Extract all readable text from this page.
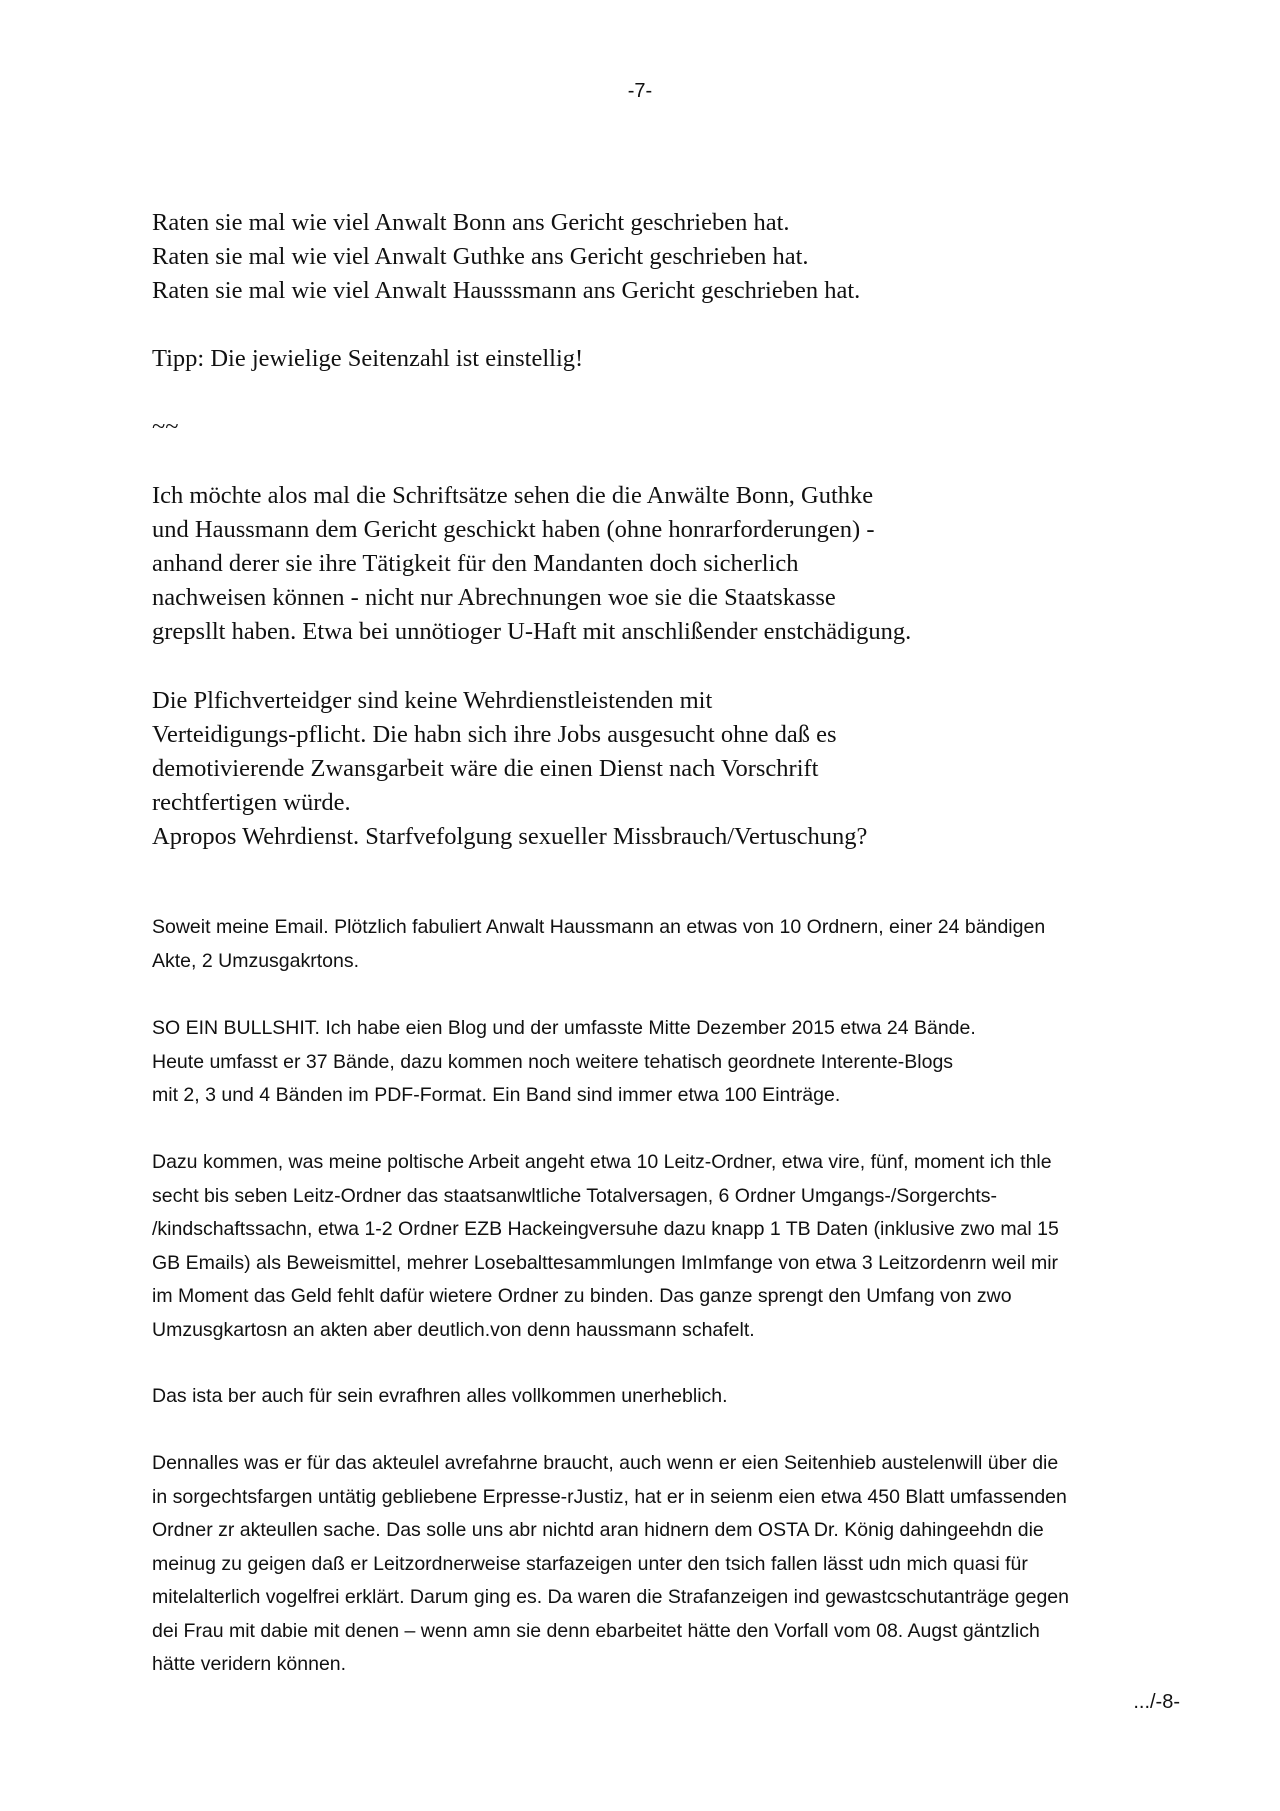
-7-
Raten sie mal wie viel Anwalt Bonn ans Gericht geschrieben hat.
Raten sie mal wie viel Anwalt Guthke ans Gericht geschrieben hat.
Raten sie mal wie viel Anwalt Hausssmann ans Gericht geschrieben hat.
Tipp: Die jewielige Seitenzahl ist einstellig!
~~
Ich möchte alos mal die Schriftsätze sehen die die Anwälte Bonn, Guthke
und Haussmann dem Gericht geschickt haben (ohne honrarforderungen) -
anhand derer sie ihre Tätigkeit für den Mandanten doch sicherlich
nachweisen können - nicht nur Abrechnungen woe sie die Staatskasse
grepsllt haben. Etwa bei unnötioger U-Haft mit anschlißender enstchädigung.
Die Plfichverteidger sind keine Wehrdienstleistenden mit
Verteidigungs-pflicht. Die habn sich ihre Jobs ausgesucht ohne daß es
demotivierende Zwansgarbeit wäre die einen Dienst nach Vorschrift
rechtfertigen würde.
Apropos Wehrdienst. Starfvefolgung sexueller Missbrauch/Vertuschung?
Soweit meine Email. Plötzlich fabuliert Anwalt Haussmann an etwas von 10 Ordnern, einer 24 bändigen
Akte, 2 Umzusgakrtons.
SO EIN BULLSHIT. Ich habe eien Blog und der umfasste Mitte Dezember 2015 etwa 24 Bände.
Heute umfasst er 37 Bände, dazu kommen noch weitere tehatisch geordnete Interente-Blogs
mit 2, 3 und 4 Bänden im PDF-Format. Ein Band sind immer etwa 100 Einträge.
Dazu kommen, was meine poltische Arbeit angeht etwa 10 Leitz-Ordner, etwa vire, fünf, moment ich thle
secht bis seben Leitz-Ordner das staatsanwltliche Totalversagen, 6 Ordner Umgangs-/Sorgerchts-
/kindschaftssachn, etwa 1-2 Ordner EZB Hackeingversuhe dazu knapp 1 TB Daten (inklusive zwo mal 15
GB Emails) als Beweismittel, mehrer Losebalttesammlungen ImImfange von etwa 3 Leitzordenrn weil mir
im Moment das Geld fehlt dafür wietere Ordner zu binden. Das ganze sprengt den Umfang von zwo
Umzusgkartosn an akten aber deutlich.von denn haussmann schafelt.
Das ista ber auch für sein evrafhren alles vollkommen unerheblich.
Dennalles was er für das akteulel avrefahrne braucht, auch wenn er eien Seitenhieb austelenwill über die
in sorgechtsfargen untätig gebliebene Erpresse-rJustiz, hat er in seienm eien etwa 450 Blatt umfassenden
Ordner zr akteullen sache. Das solle uns abr nichtd aran hidnern dem OSTA Dr. König dahingeehdn die
meinug zu geigen daß er Leitzordnerweise starfazeigen unter den tsich fallen lässt udn mich quasi für
mitelalterlich vogelfrei erklärt. Darum ging es. Da waren die Strafanzeigen ind gewastcschutanträge gegen
dei Frau mit dabie mit denen – wenn amn sie denn ebarbeitet hätte den Vorfall vom 08. Augst gäntzlich
hätte veridern können.
.../-8-
